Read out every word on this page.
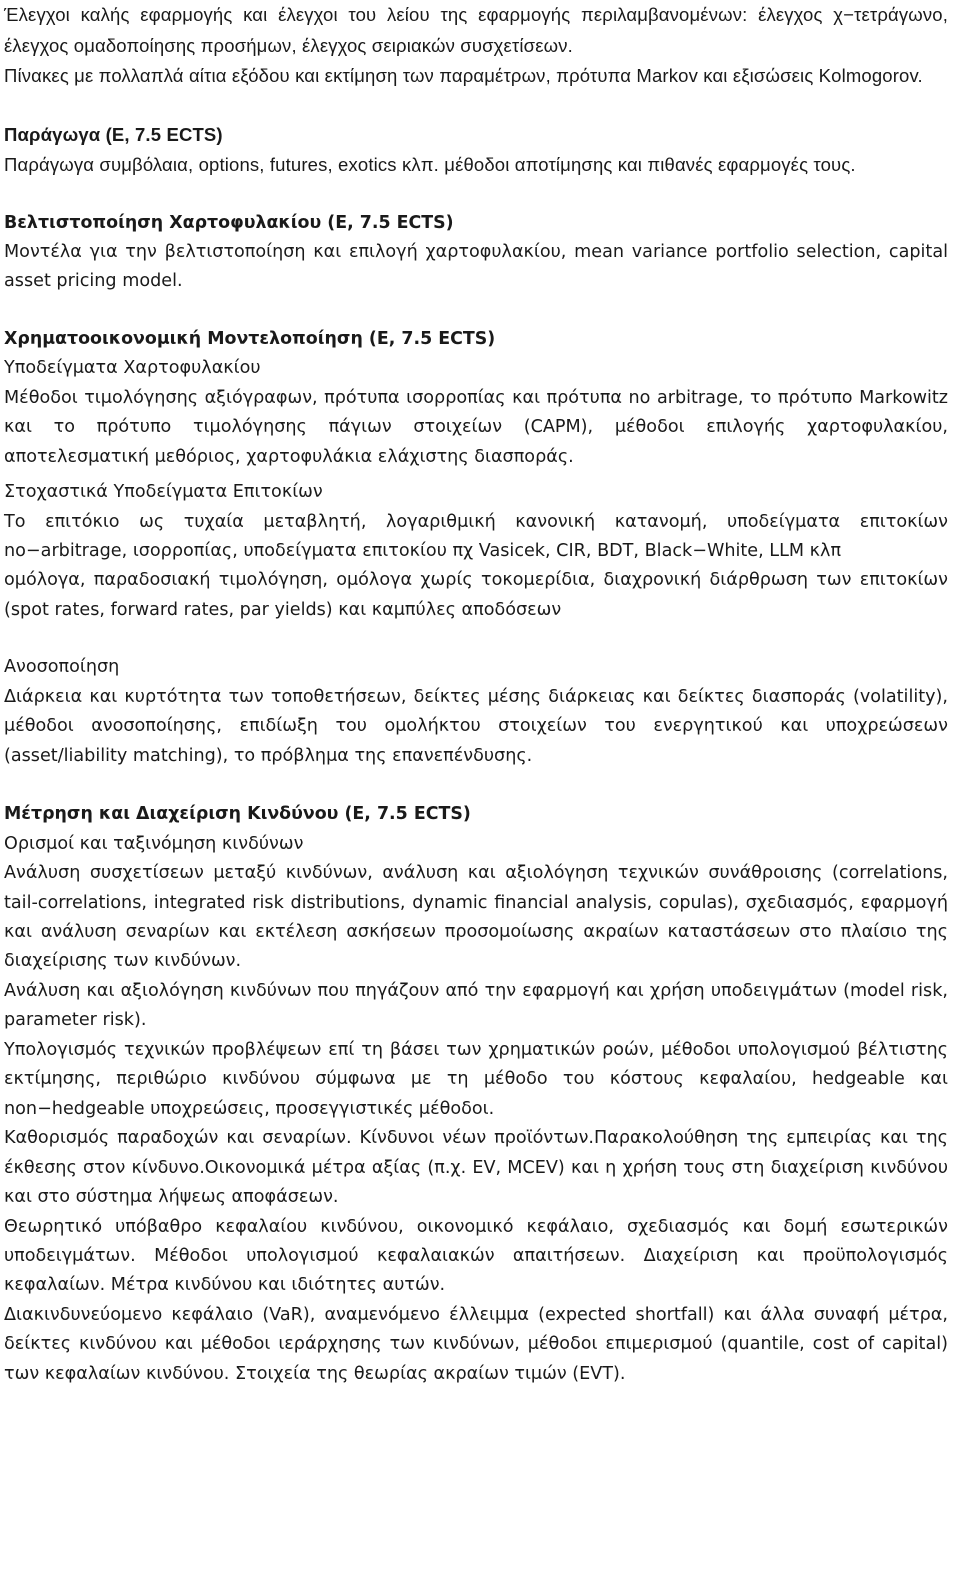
Έλεγχοι καλής εφαρμογής και έλεγχοι του λείου της εφαρμογής περιλαμβανομένων: έλεγχος χ−τετράγωνο, έλεγχος ομαδοποίησης προσήμων, έλεγχος σειριακών συσχετίσεων.

Πίνακες με πολλαπλά αίτια εξόδου και εκτίμηση των παραμέτρων, πρότυπα Markov και εξισώσεις Kolmogorov.

Παράγωγα (E, 7.5 ECTS)

Παράγωγα συμβόλαια, options, futures, exotics κλπ. μέθοδοι αποτίμησης και πιθανές εφαρμογές τους.

Βελτιστοποίηση Χαρτοφυλακίου (Ε, 7.5 ECTS)

Μοντέλα για την βελτιστοποίηση και επιλογή χαρτοφυλακίου, mean variance portfolio selection, capital asset pricing model.

Χρηματοοικονομική Μοντελοποίηση (Ε, 7.5 ECTS)

Υποδείγματα Χαρτοφυλακίου

Μέθοδοι τιμολόγησης αξιόγραφων, πρότυπα ισορροπίας και πρότυπα no arbitrage, το πρότυπο Markowitz και το πρότυπο τιμολόγησης πάγιων στοιχείων (CAPM), μέθοδοι επιλογής χαρτοφυλακίου, αποτελεσματική μεθόριος, χαρτοφυλάκια ελάχιστης διασποράς.

Στοχαστικά Υποδείγματα Επιτοκίων

Το επιτόκιο ως τυχαία μεταβλητή, λογαριθμική κανονική κατανομή, υποδείγματα επιτοκίων no−arbitrage, ισορροπίας, υποδείγματα επιτοκίου πχ Vasicek, CIR, BDT, Black−White, LLM κλπ

ομόλογα, παραδοσιακή τιμολόγηση, ομόλογα χωρίς τοκομερίδια, διαχρονική διάρθρωση των επιτοκίων (spot rates, forward rates, par yields) και καμπύλες αποδόσεων

Ανοσοποίηση

Διάρκεια και κυρτότητα των τοποθετήσεων, δείκτες μέσης διάρκειας και δείκτες διασποράς (volatility), μέθοδοι ανοσοποίησης, επιδίωξη του ομολήκτου στοιχείων του ενεργητικού και υποχρεώσεων (asset/liability matching), το πρόβλημα της επανεπένδυσης.

Μέτρηση και Διαχείριση Κινδύνου (Ε, 7.5 ECTS)

Ορισμοί και ταξινόμηση κινδύνων

Ανάλυση συσχετίσεων μεταξύ κινδύνων, ανάλυση και αξιολόγηση τεχνικών συνάθροισης (correlations, tail-correlations, integrated risk distributions, dynamic financial analysis, copulas), σχεδιασμός, εφαρμογή και ανάλυση σεναρίων και εκτέλεση ασκήσεων προσομοίωσης ακραίων καταστάσεων στο πλαίσιο της διαχείρισης των κινδύνων.

Ανάλυση και αξιολόγηση κινδύνων που πηγάζουν από την εφαρμογή και χρήση υποδειγμάτων (model risk, parameter risk).

Υπολογισμός τεχνικών προβλέψεων επί τη βάσει των χρηματικών ροών, μέθοδοι υπολογισμού βέλτιστης εκτίμησης, περιθώριο κινδύνου σύμφωνα με τη μέθοδο του κόστους κεφαλαίου, hedgeable και non−hedgeable υποχρεώσεις, προσεγγιστικές μέθοδοι.

Καθορισμός παραδοχών και σεναρίων. Κίνδυνοι νέων προϊόντων.Παρακολούθηση της εμπειρίας και της έκθεσης στον κίνδυνο.Οικονομικά μέτρα αξίας (π.χ. EV, MCEV) και η χρήση τους στη διαχείριση κινδύνου και στο σύστημα λήψεως αποφάσεων.

Θεωρητικό υπόβαθρο κεφαλαίου κινδύνου, οικονομικό κεφάλαιο, σχεδιασμός και δομή εσωτερικών υποδειγμάτων. Μέθοδοι υπολογισμού κεφαλαιακών απαιτήσεων. Διαχείριση και προϋπολογισμός κεφαλαίων. Μέτρα κινδύνου και ιδιότητες αυτών.

Διακινδυνεύομενο κεφάλαιο (VaR), αναμενόμενο έλλειμμα (expected shortfall) και άλλα συναφή μέτρα, δείκτες κινδύνου και μέθοδοι ιεράρχησης των κινδύνων, μέθοδοι επιμερισμού (quantile, cost of capital) των κεφαλαίων κινδύνου. Στοιχεία της θεωρίας ακραίων τιμών (EVT).
